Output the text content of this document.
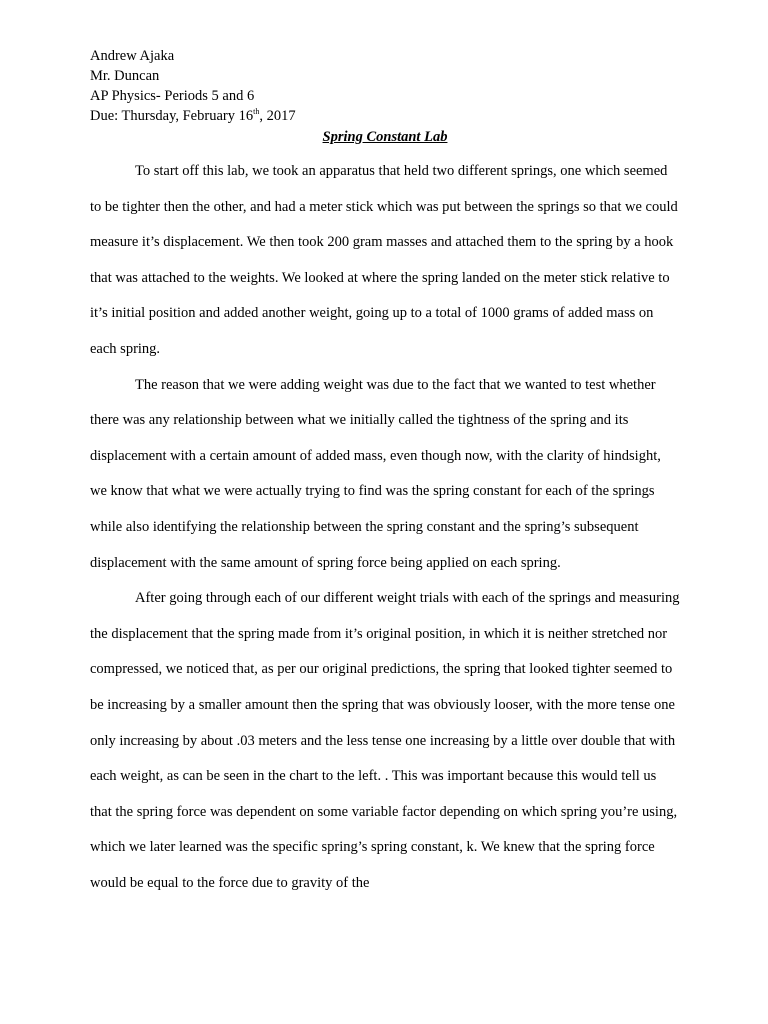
Andrew Ajaka
Mr. Duncan
AP Physics- Periods 5 and 6
Due: Thursday, February 16th, 2017
Spring Constant Lab

To start off this lab, we took an apparatus that held two different springs, one which seemed to be tighter then the other, and had a meter stick which was put between the springs so that we could measure it’s displacement. We then took 200 gram masses and attached them to the spring by a hook that was attached to the weights. We looked at where the spring landed on the meter stick relative to it’s initial position and added another weight, going up to a total of 1000 grams of added mass on each spring.

The reason that we were adding weight was due to the fact that we wanted to test whether there was any relationship between what we initially called the tightness of the spring and its displacement with a certain amount of added mass, even though now, with the clarity of hindsight, we know that what we were actually trying to find was the spring constant for each of the springs while also identifying the relationship between the spring constant and the spring’s subsequent displacement with the same amount of spring force being applied on each spring.

After going through each of our different weight trials with each of the springs and measuring the displacement that the spring made from it’s original position, in which it is neither stretched nor compressed, we noticed that, as per our original predictions, the spring that looked tighter seemed to be increasing by a smaller amount then the spring that was obviously looser, with the more tense one only increasing by about .03 meters and the less tense one increasing by a little over double that with each weight, as can be seen in the chart to the left. . This was important because this would tell us that the spring force was dependent on some variable factor depending on which spring you’re using, which we later learned was the specific spring’s spring constant, k. We knew that the spring force would be equal to the force due to gravity of the
